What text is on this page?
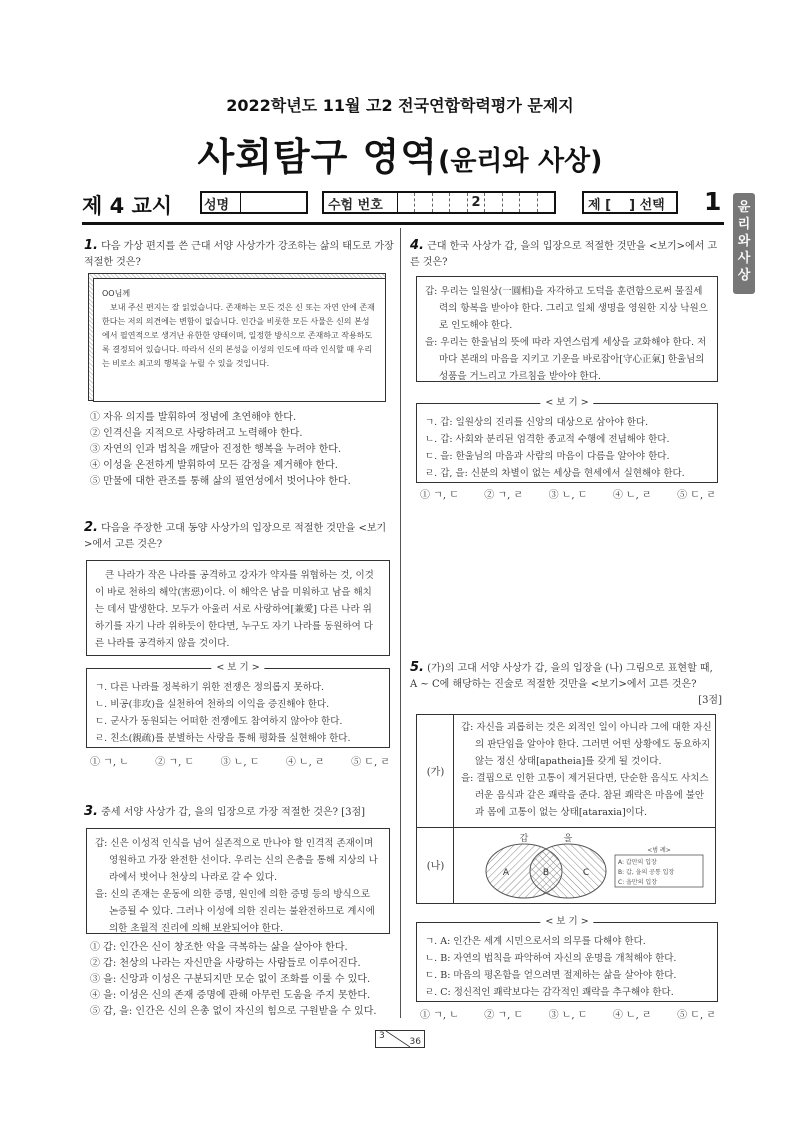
2022학년도 11월 고2 전국연합학력평가 문제지
사회탐구 영역(윤리와 사상)
제 4 교시 성명	수험 번호	2	제 [    ] 선택 1	윤
리
와
사
상
1. 다음 가상 편지를 쓴 근대 서양 사상가가 강조하는 삶의 태도로 가장 적절한 것은?
OO님께
보내 주신 편지는 잘 읽었습니다. 존재하는 모든 것은 신 또는 자연 안에 존재한다는 저의 의견에는 변함이 없습니다. 인간을 비롯한 모든 사물은 신의 본성에서 필연적으로 생겨난 유한한 양태이며, 일정한 방식으로 존재하고 작용하도록 결정되어 있습니다. 따라서 신의 본성을 이성의 인도에 따라 인식할 때 우리는 비로소 최고의 행복을 누릴 수 있을 것입니다.
① 자유 의지를 발휘하여 정념에 초연해야 한다.
② 인격신을 지적으로 사랑하려고 노력해야 한다.
③ 자연의 인과 법칙을 깨달아 진정한 행복을 누려야 한다.
④ 이성을 온전하게 발휘하여 모든 감정을 제거해야 한다.
⑤ 만물에 대한 관조를 통해 삶의 필연성에서 벗어나야 한다.
2. 다음을 주장한 고대 동양 사상가의 입장으로 적절한 것만을 <보기>에서 고른 것은?
큰 나라가 작은 나라를 공격하고 강자가 약자를 위협하는 것, 이것이 바로 천하의 해악(害惡)이다. 이 해악은 남을 미워하고 남을 해치는 데서 발생한다. 모두가 아울러 서로 사랑하여[兼愛] 다른 나라 위하기를 자기 나라 위하듯이 한다면, 누구도 자기 나라를 동원하여 다른 나라를 공격하지 않을 것이다.
< 보 기 >
ㄱ. 다른 나라를 정복하기 위한 전쟁은 정의롭지 못하다.
ㄴ. 비공(非攻)을 실천하여 천하의 이익을 증진해야 한다.
ㄷ. 군사가 동원되는 어떠한 전쟁에도 참여하지 않아야 한다.
ㄹ. 친소(親疏)를 분별하는 사랑을 통해 평화를 실현해야 한다.
① ㄱ, ㄴ	② ㄱ, ㄷ	③ ㄴ, ㄷ	④ ㄴ, ㄹ	⑤ ㄷ, ㄹ
3. 중세 서양 사상가 갑, 을의 입장으로 가장 적절한 것은? [3점]
갑: 신은 이성적 인식을 넘어 실존적으로 만나야 할 인격적 존재이며 영원하고 가장 완전한 선이다. 우리는 신의 은총을 통해 지상의 나라에서 벗어나 천상의 나라로 갈 수 있다.
을: 신의 존재는 운동에 의한 증명, 원인에 의한 증명 등의 방식으로 논증될 수 있다. 그러나 이성에 의한 진리는 불완전하므로 계시에 의한 초월적 진리에 의해 보완되어야 한다.
① 갑: 인간은 신이 창조한 악을 극복하는 삶을 살아야 한다.
② 갑: 천상의 나라는 자신만을 사랑하는 사람들로 이루어진다.
③ 을: 신앙과 이성은 구분되지만 모순 없이 조화를 이룰 수 있다.
④ 을: 이성은 신의 존재 증명에 관해 아무런 도움을 주지 못한다.
⑤ 갑, 을: 인간은 신의 은총 없이 자신의 힘으로 구원받을 수 있다.
4. 근대 한국 사상가 갑, 을의 입장으로 적절한 것만을 <보기>에서 고른 것은?
갑: 우리는 일원상(一圓相)을 자각하고 도덕을 훈련함으로써 물질세력의 항복을 받아야 한다. 그리고 일체 생명을 영원한 지상 낙원으로 인도해야 한다.
을: 우리는 한울님의 뜻에 따라 자연스럽게 세상을 교화해야 한다. 저마다 본래의 마음을 지키고 기운을 바로잡아[守心正氣] 한울님의 성품을 거느리고 가르침을 받아야 한다.
< 보 기 >
ㄱ. 갑: 일원상의 진리를 신앙의 대상으로 삼아야 한다.
ㄴ. 갑: 사회와 분리된 엄격한 종교적 수행에 전념해야 한다.
ㄷ. 을: 한울님의 마음과 사람의 마음이 다름을 알아야 한다.
ㄹ. 갑, 을: 신분의 차별이 없는 세상을 현세에서 실현해야 한다.
① ㄱ, ㄷ	② ㄱ, ㄹ	③ ㄴ, ㄷ	④ ㄴ, ㄹ	⑤ ㄷ, ㄹ
5. (가)의 고대 서양 사상가 갑, 을의 입장을 (나) 그림으로 표현할 때, A ~ C에 해당하는 진술로 적절한 것만을 <보기>에서 고른 것은?
[3점]
(가)
(나)
갑: 자신을 괴롭히는 것은 외적인 일이 아니라 그에 대한 자신의 판단임을 알아야 한다. 그러면 어떤 상황에도 동요하지 않는 정신 상태[apatheia]를 갖게 될 것이다.
을: 결핍으로 인한 고통이 제거된다면, 단순한 음식도 사치스러운 음식과 같은 쾌락을 준다. 참된 쾌락은 마음에 불안과 몸에 고통이 없는 상태[ataraxia]이다.
갑	을
A	B	C
<범 례>
A: 갑만의 입장
B: 갑, 을의 공통 입장
C: 을만의 입장
< 보 기 >
ㄱ. A: 인간은 세계 시민으로서의 의무를 다해야 한다.
ㄴ. B: 자연의 법칙을 파악하여 자신의 운명을 개척해야 한다.
ㄷ. B: 마음의 평온함을 얻으려면 절제하는 삶을 살아야 한다.
ㄹ. C: 정신적인 쾌락보다는 감각적인 쾌락을 추구해야 한다.
① ㄱ, ㄴ	② ㄱ, ㄷ	③ ㄴ, ㄷ	④ ㄴ, ㄹ	⑤ ㄷ, ㄹ
3
36
